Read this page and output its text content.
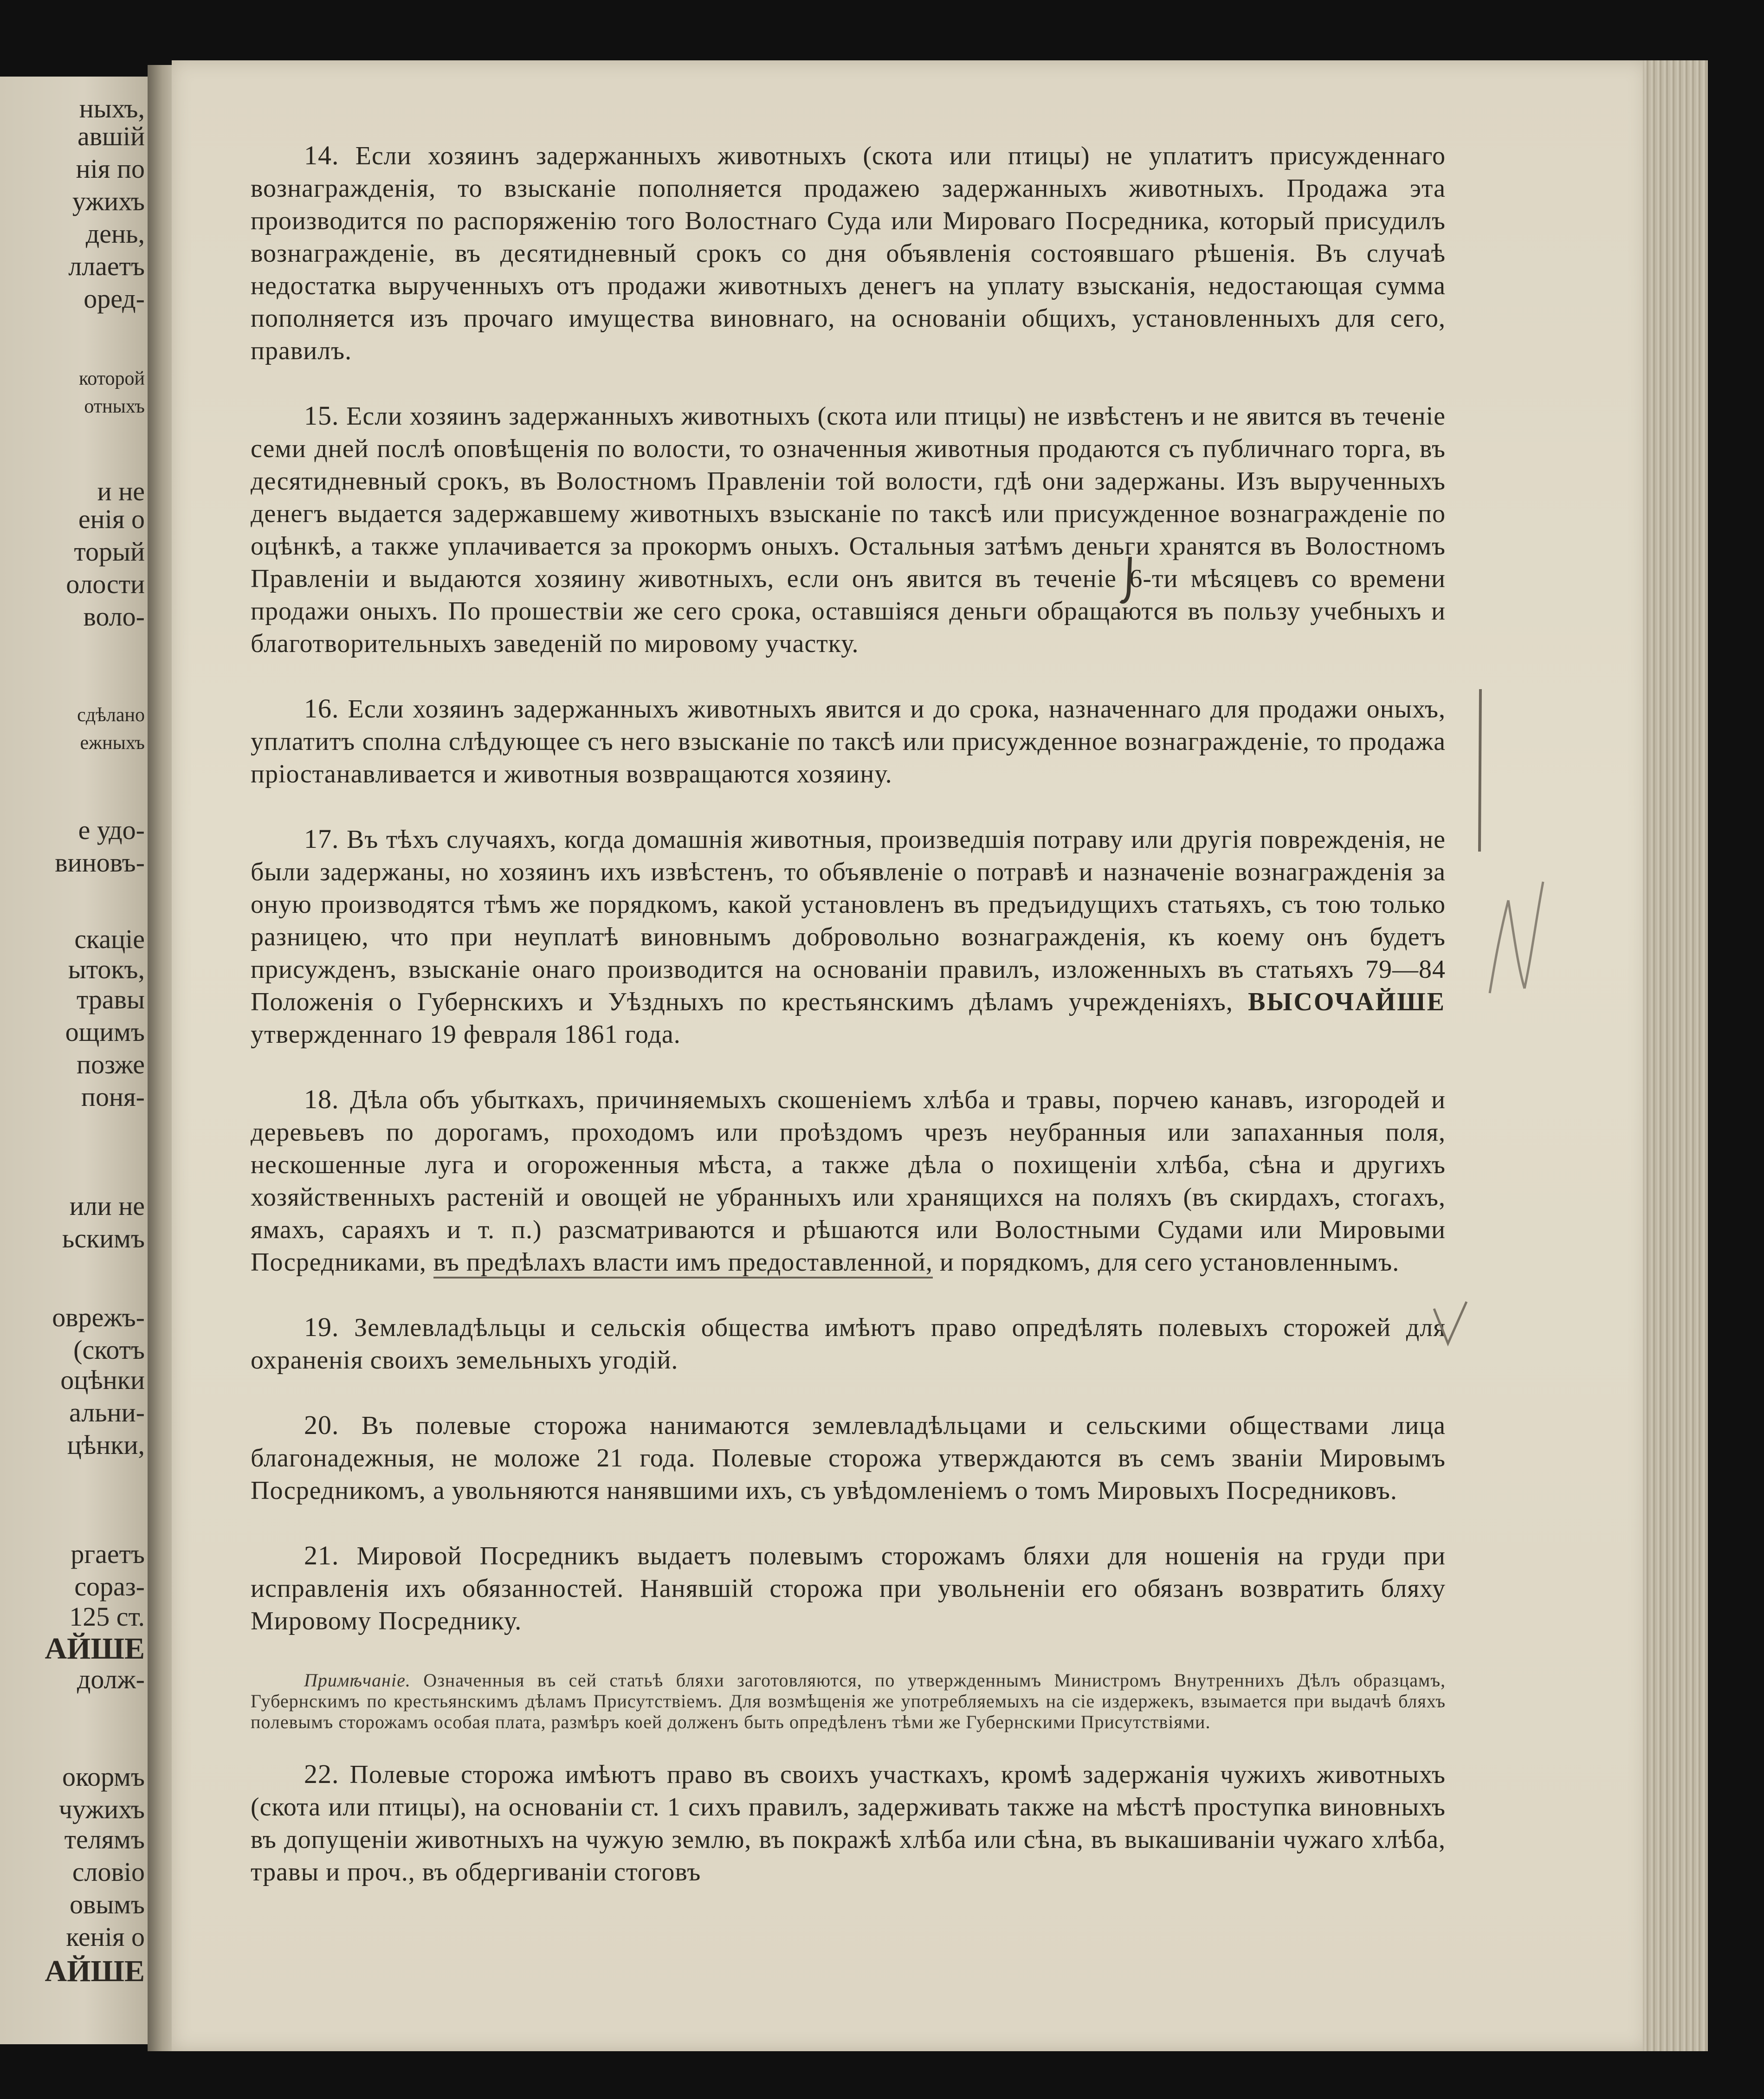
ныхъ,
авшій
нія по
ужихъ
день,
ллаетъ
оред-
которой
отныхъ
и не
енія о
торый
олости
воло-
сдѣлано
ежныхъ
е удо-
виновъ-
скаціе
ытокъ,
травы
ощимъ
позже
поня-
или не
ьскимъ
оврежъ-
(скотъ
оцѣнки
альни-
цѣнки,
ргаетъ
сораз-
125 ст.
АЙШЕ
долж-
окормъ
чужихъ
телямъ
словіо
овымъ
кенія о
АЙШЕ

14. Если хозяинъ задержанныхъ животныхъ (скота или птицы) не уплатитъ присужденнаго вознагражденія, то взысканіе пополняется продажею задержанныхъ животныхъ. Продажа эта производится по распоряженію того Волостнаго Суда или Мироваго Посредника, который присудилъ вознагражденіе, въ десятидневный срокъ со дня объявленія состоявшаго рѣшенія. Въ случаѣ недостатка вырученныхъ отъ продажи животныхъ денегъ на уплату взысканія, недостающая сумма пополняется изъ прочаго имущества виновнаго, на основаніи общихъ, установленныхъ для сего, правилъ.

15. Если хозяинъ задержанныхъ животныхъ (скота или птицы) не извѣстенъ и не явится въ теченіе семи дней послѣ оповѣщенія по волости, то означенныя животныя продаются съ публичнаго торга, въ десятидневный срокъ, въ Волостномъ Правленіи той волости, гдѣ они задержаны. Изъ вырученныхъ денегъ выдается задержавшему животныхъ взысканіе по таксѣ или присужденное вознагражденіе по оцѣнкѣ, а также уплачивается за прокормъ оныхъ. Остальныя затѣмъ деньги хранятся въ Волостномъ Правленіи и выдаются хозяину животныхъ, если онъ явится въ теченіе 6-ти мѣсяцевъ со времени продажи оныхъ. По прошествіи же сего срока, оставшіяся деньги обращаются въ пользу учебныхъ и благотворительныхъ заведеній по мировому участку.

16. Если хозяинъ задержанныхъ животныхъ явится и до срока, назначеннаго для продажи оныхъ, уплатитъ сполна слѣдующее съ него взысканіе по таксѣ или присужденное вознагражденіе, то продажа пріостанавливается и животныя возвращаются хозяину.

17. Въ тѣхъ случаяхъ, когда домашнія животныя, произведшія потраву или другія поврежденія, не были задержаны, но хозяинъ ихъ извѣстенъ, то объявленіе о потравѣ и назначеніе вознагражденія за оную производятся тѣмъ же порядкомъ, какой установленъ въ предъидущихъ статьяхъ, съ тою только разницею, что при неуплатѣ виновнымъ добровольно вознагражденія, къ коему онъ будетъ присужденъ, взысканіе онаго производится на основаніи правилъ, изложенныхъ въ статьяхъ 79—84 Положенія о Губернскихъ и Уѣздныхъ по крестьянскимъ дѣламъ учрежденіяхъ, ВЫСОЧАЙШЕ утвержденнаго 19 февраля 1861 года.

18. Дѣла объ убыткахъ, причиняемыхъ скошеніемъ хлѣба и травы, порчею канавъ, изгородей и деревьевъ по дорогамъ, проходомъ или проѣздомъ чрезъ неубранныя или запаханныя поля, нескошенные луга и огороженныя мѣста, а также дѣла о похищеніи хлѣба, сѣна и другихъ хозяйственныхъ растеній и овощей не убранныхъ или хранящихся на поляхъ (въ скирдахъ, стогахъ, ямахъ, сараяхъ и т. п.) разсматриваются и рѣшаются или Волостными Судами или Мировыми Посредниками, въ предѣлахъ власти имъ предоставленной, и порядкомъ, для сего установленнымъ.

19. Землевладѣльцы и сельскія общества имѣютъ право опредѣлять полевыхъ сторожей для охраненія своихъ земельныхъ угодій.

20. Въ полевые сторожа нанимаются землевладѣльцами и сельскими обществами лица благонадежныя, не моложе 21 года. Полевые сторожа утверждаются въ семъ званіи Мировымъ Посредникомъ, а увольняются нанявшими ихъ, съ увѣдомленіемъ о томъ Мировыхъ Посредниковъ.

21. Мировой Посредникъ выдаетъ полевымъ сторожамъ бляхи для ношенія на груди при исправленія ихъ обязанностей. Нанявшій сторожа при увольненіи его обязанъ возвратить бляху Мировому Посреднику.

Примѣчаніе. Означенныя въ сей статьѣ бляхи заготовляются, по утвержденнымъ Министромъ Внутреннихъ Дѣлъ образцамъ, Губернскимъ по крестьянскимъ дѣламъ Присутствіемъ. Для возмѣщенія же употребляемыхъ на сіе издержекъ, взымается при выдачѣ бляхъ полевымъ сторожамъ особая плата, размѣръ коей долженъ быть опредѣленъ тѣми же Губернскими Присутствіями.

22. Полевые сторожа имѣютъ право въ своихъ участкахъ, кромѣ задержанія чужихъ животныхъ (скота или птицы), на основаніи ст. 1 сихъ правилъ, задерживать также на мѣстѣ проступка виновныхъ въ допущеніи животныхъ на чужую землю, въ покражѣ хлѣба или сѣна, въ выкашиваніи чужаго хлѣба, травы и проч., въ обдергиваніи стоговъ
